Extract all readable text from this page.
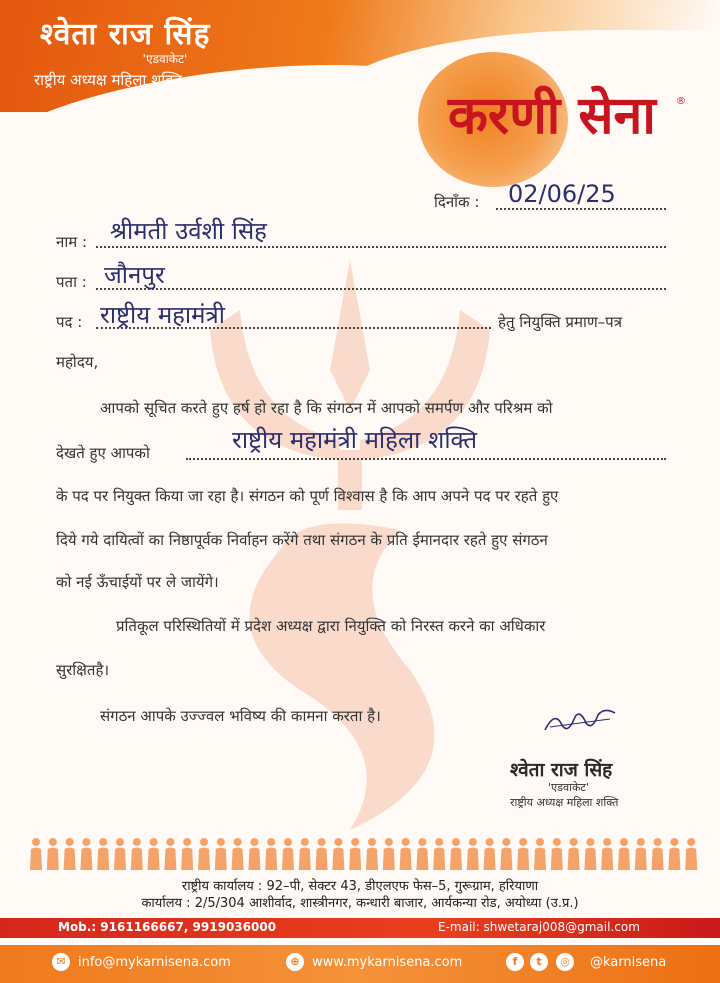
श्वेता राज सिंह
'एडवाकेट'
राष्ट्रीय अध्यक्ष महिला शक्ति
करणी सेना ®
दिनाँक : 02/06/25
नाम : श्रीमती उर्वशी सिंह
पता : जौनपुर
पद : राष्ट्रीय महामंत्री	हेतु नियुक्ति प्रमाण–पत्र
महोदय,
आपको सूचित करते हुए हर्ष हो रहा है कि संगठन में आपको समर्पण और परिश्रम को
देखते हुए आपको	राष्ट्रीय महामंत्री महिला शक्ति
के पद पर नियुक्त किया जा रहा है। संगठन को पूर्ण विश्वास है कि आप अपने पद पर रहते हुए
दिये गये दायित्वों का निष्ठापूर्वक निर्वाहन करेंगे तथा संगठन के प्रति ईमानदार रहते हुए संगठन
को नई ऊँचाईयों पर ले जायेंगे।
प्रतिकूल परिस्थितियों में प्रदेश अध्यक्ष द्वारा नियुक्ति को निरस्त करने का अधिकार
सुरक्षितहै।
संगठन आपके उज्ज्वल भविष्य की कामना करता है।
श्वेता राज सिंह
'एडवाकेट'
राष्ट्रीय अध्यक्ष महिला शक्ति
राष्ट्रीय कार्यालय : 92–पी, सेक्टर 43, डीएलएफ फेस–5, गुरूग्राम, हरियाणा
कार्यालय : 2/5/304 आशीर्वाद, शास्त्रीनगर, कन्धारी बाजार, आर्यकन्या रोड, अयोध्या (उ.प्र.)
Mob.: 9161166667, 9919036000	E-mail: shwetaraj008@gmail.com
✉ info@mykarnisena.com	⊕ www.mykarnisena.com	f	t	◎	@karnisena
